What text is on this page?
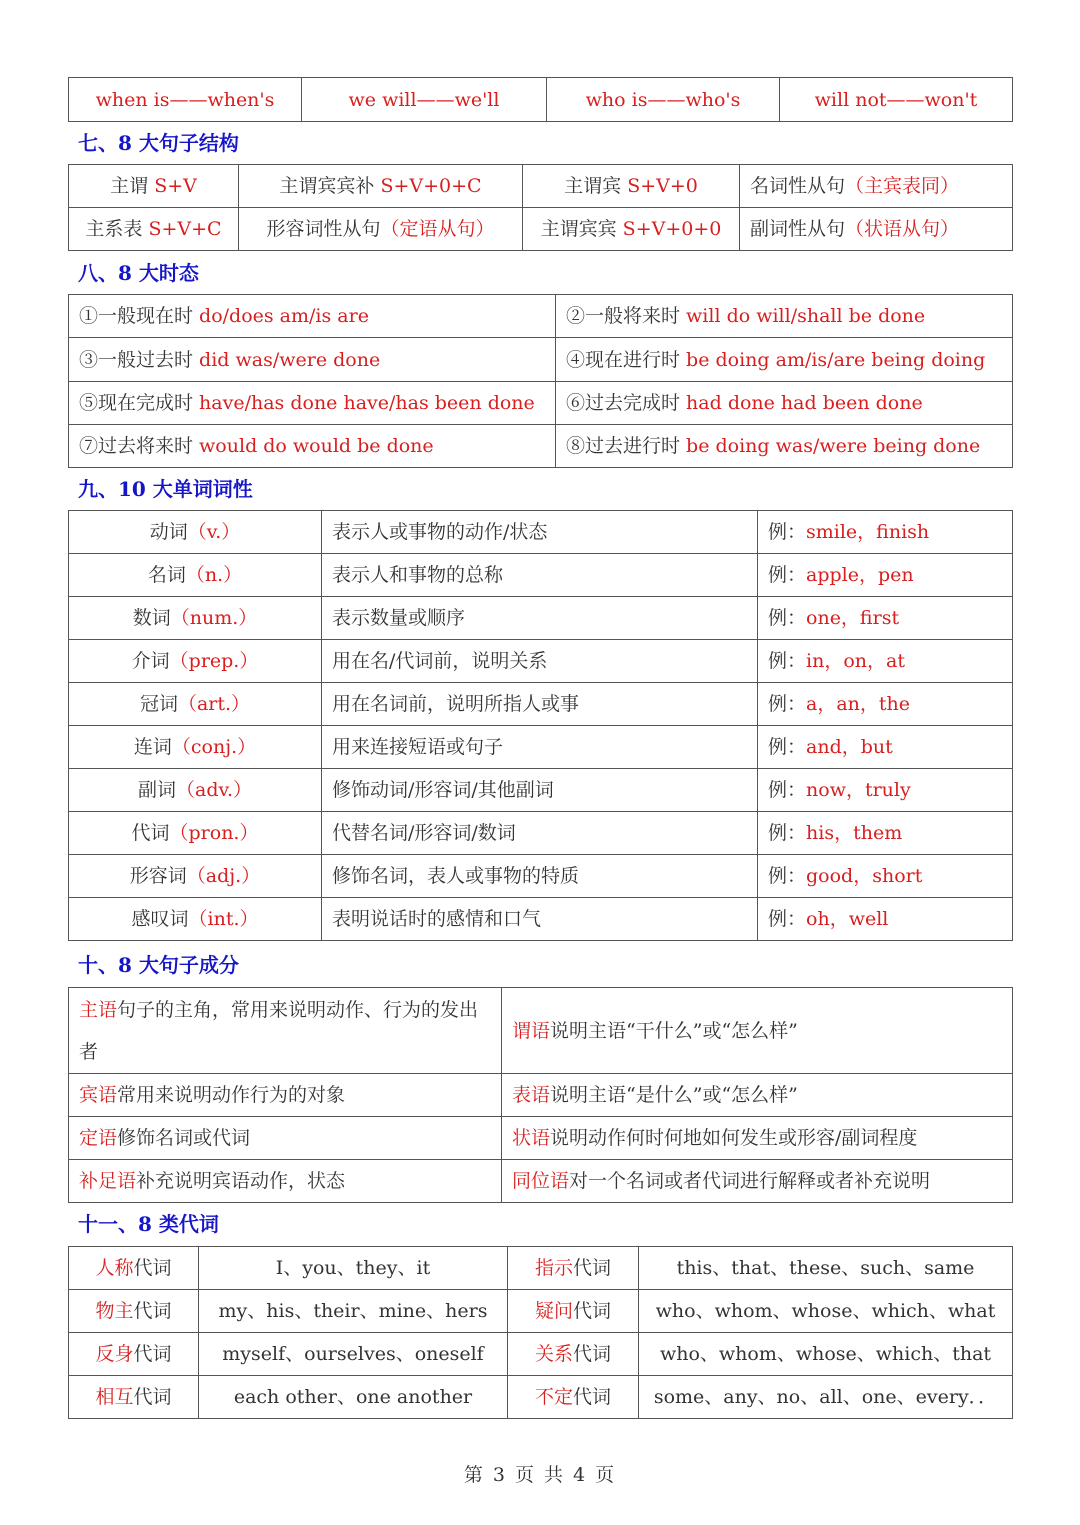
when is——when's	we will——we'll	who is——who's	will not——won't
七、8 大句子结构
主谓 S+V	主谓宾宾补 S+V+0+C	主谓宾 S+V+0	名词性从句（主宾表同）
主系表 S+V+C	形容词性从句（定语从句）	主谓宾宾 S+V+0+0	副词性从句（状语从句）
八、8 大时态
①一般现在时 do/does am/is are	②一般将来时 will do will/shall be done
③一般过去时 did was/were done	④现在进行时 be doing am/is/are being doing
⑤现在完成时 have/has done have/has been done	⑥过去完成时 had done had been done
⑦过去将来时 would do would be done	⑧过去进行时 be doing was/were being done
九、10 大单词词性
动词（v.）	表示人或事物的动作/状态	例：smile，finish
名词（n.）	表示人和事物的总称	例：apple，pen
数词（num.）	表示数量或顺序	例：one，first
介词（prep.）	用在名/代词前，说明关系	例：in，on，at
冠词（art.）	用在名词前，说明所指人或事	例：a，an，the
连词（conj.）	用来连接短语或句子	例：and，but
副词（adv.）	修饰动词/形容词/其他副词	例：now，truly
代词（pron.）	代替名词/形容词/数词	例：his，them
形容词（adj.）	修饰名词，表人或事物的特质	例：good，short
感叹词（int.）	表明说话时的感情和口气	例：oh，well
十、8 大句子成分
主语句子的主角，常用来说明动作、行为的发出者	谓语说明主语“干什么”或“怎么样”
宾语常用来说明动作行为的对象	表语说明主语“是什么”或“怎么样”
定语修饰名词或代词	状语说明动作何时何地如何发生或形容/副词程度
补足语补充说明宾语动作，状态	同位语对一个名词或者代词进行解释或者补充说明
十一、8 类代词
人称代词	I、you、they、it	指示代词	this、that、these、such、same
物主代词	my、his、their、mine、hers	疑问代词	who、whom、whose、which、what
反身代词	myself、ourselves、oneself	关系代词	who、whom、whose、which、that
相互代词	each other、one another	不定代词	some、any、no、all、one、every．．
第 3 页 共 4 页
